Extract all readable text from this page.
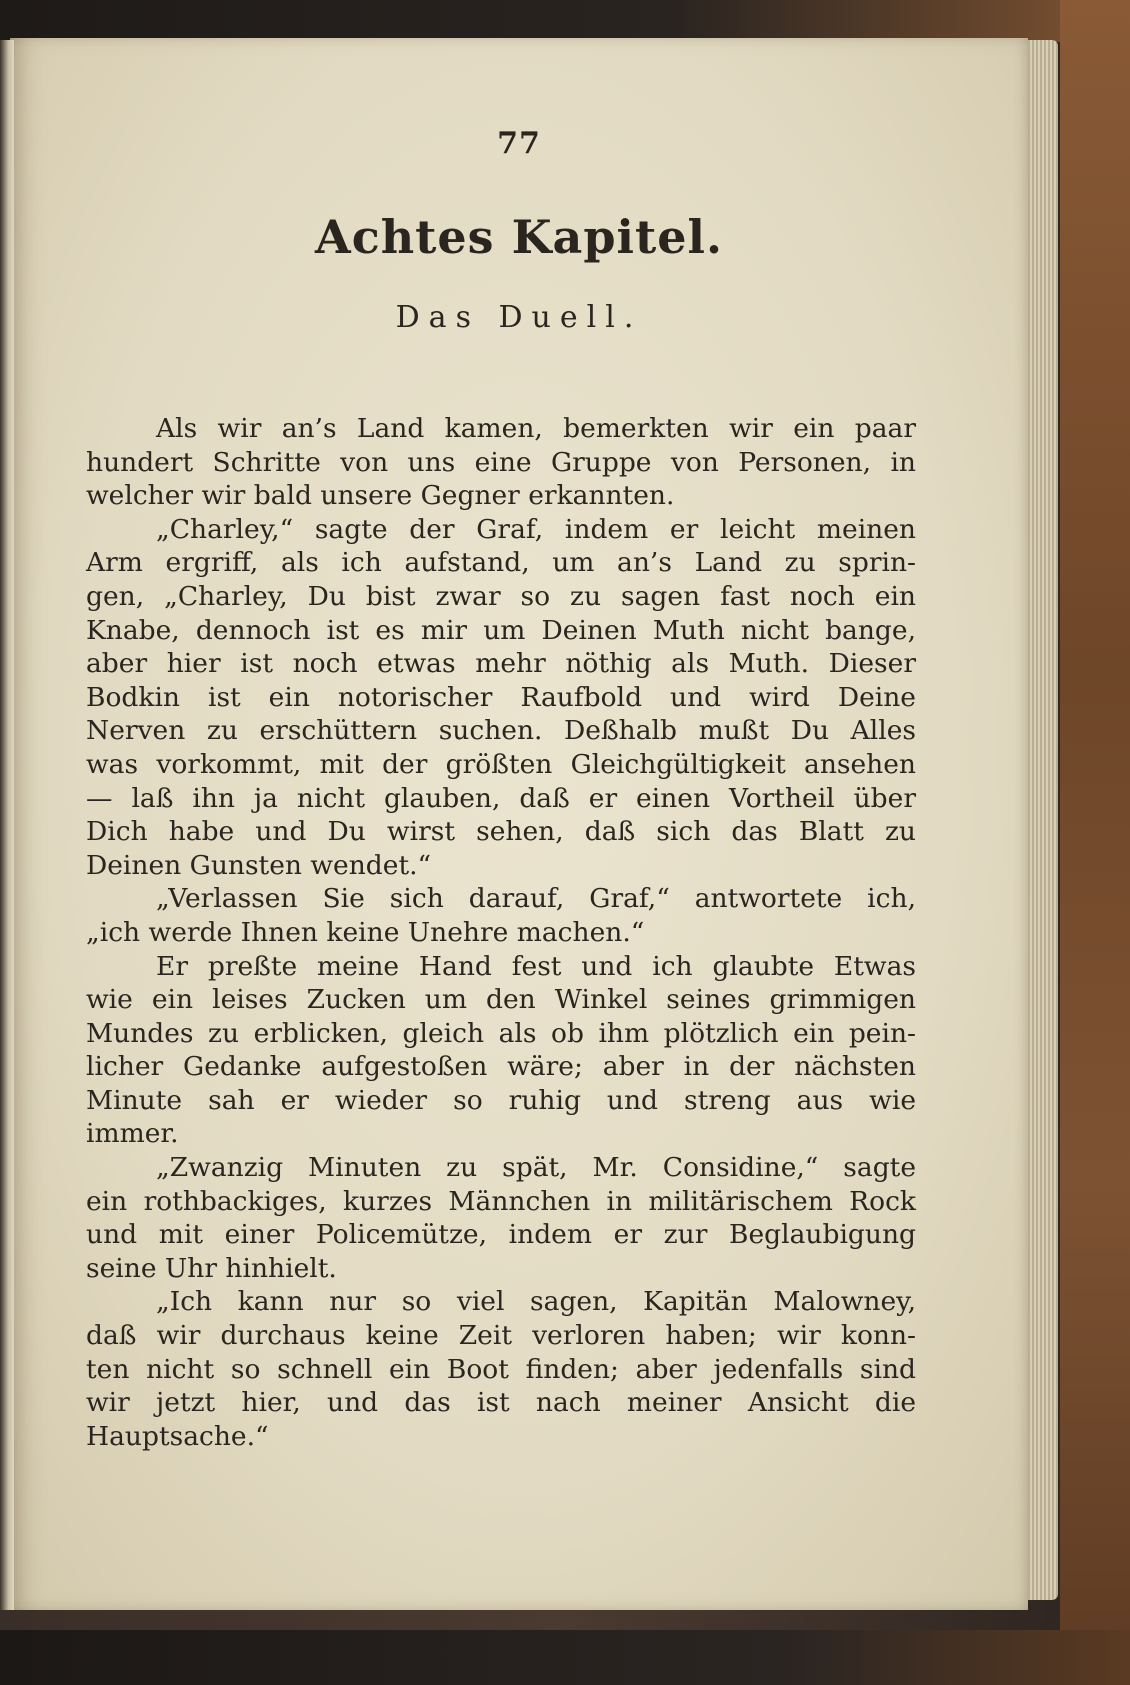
77
Achtes Kapitel.
Das Duell.
Als wir an’s Land kamen, bemerkten wir ein paar
hundert Schritte von uns eine Gruppe von Personen, in
welcher wir bald unsere Gegner erkannten.
„Charley,“ sagte der Graf, indem er leicht meinen
Arm ergriff, als ich aufstand, um an’s Land zu sprin-
gen, „Charley, Du bist zwar so zu sagen fast noch ein
Knabe, dennoch ist es mir um Deinen Muth nicht bange,
aber hier ist noch etwas mehr nöthig als Muth. Dieser
Bodkin ist ein notorischer Raufbold und wird Deine
Nerven zu erschüttern suchen. Deßhalb mußt Du Alles
was vorkommt, mit der größten Gleichgültigkeit ansehen
— laß ihn ja nicht glauben, daß er einen Vortheil über
Dich habe und Du wirst sehen, daß sich das Blatt zu
Deinen Gunsten wendet.“
„Verlassen Sie sich darauf, Graf,“ antwortete ich,
„ich werde Ihnen keine Unehre machen.“
Er preßte meine Hand fest und ich glaubte Etwas
wie ein leises Zucken um den Winkel seines grimmigen
Mundes zu erblicken, gleich als ob ihm plötzlich ein pein-
licher Gedanke aufgestoßen wäre; aber in der nächsten
Minute sah er wieder so ruhig und streng aus wie
immer.
„Zwanzig Minuten zu spät, Mr. Considine,“ sagte
ein rothbackiges, kurzes Männchen in militärischem Rock
und mit einer Policemütze, indem er zur Beglaubigung
seine Uhr hinhielt.
„Ich kann nur so viel sagen, Kapitän Malowney,
daß wir durchaus keine Zeit verloren haben; wir konn-
ten nicht so schnell ein Boot finden; aber jedenfalls sind
wir jetzt hier, und das ist nach meiner Ansicht die
Hauptsache.“
